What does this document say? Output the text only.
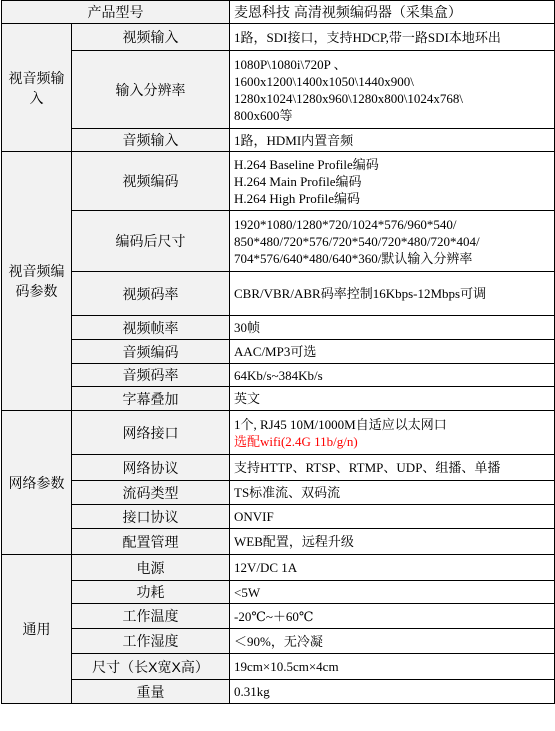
产品型号		麦恩科技 高清视频编码器（采集盒）
视音频输入	视频输入	1路，SDI接口，支持HDCP,带一路SDI本地环出

	输入分辨率	1080P\1080i\720P 、
1600x1200\1400x1050\1440x900\
1280x1024\1280x960\1280x800\1024x768\
800x600等

	音频输入	1路，HDMI内置音频

视音频编码参数	视频编码	H.264 Baseline Profile编码
H.264 Main Profile编码
H.264 High Profile编码

	编码后尺寸	1920*1080/1280*720/1024*576/960*540/
850*480/720*576/720*540/720*480/720*404/
704*576/640*480/640*360/默认输入分辨率

	视频码率	CBR/VBR/ABR码率控制16Kbps-12Mbps可调

	视频帧率	30帧

	音频编码	AAC/MP3可选

	音频码率	64Kb/s~384Kb/s

	字幕叠加	英文

网络参数	网络接口	1个, RJ45 10M/1000M自适应以太网口
选配wifi(2.4G 11b/g/n)

	网络协议	支持HTTP、RTSP、RTMP、UDP、组播、单播

	流码类型	TS标准流、双码流

	接口协议	ONVIF

	配置管理	WEB配置，远程升级

通用	电源	12V/DC 1A

	功耗	<5W

	工作温度	-20℃~＋60℃

	工作湿度	＜90%，无冷凝

	尺寸（长X宽X高）	19cm×10.5cm×4cm

	重量	0.31kg
